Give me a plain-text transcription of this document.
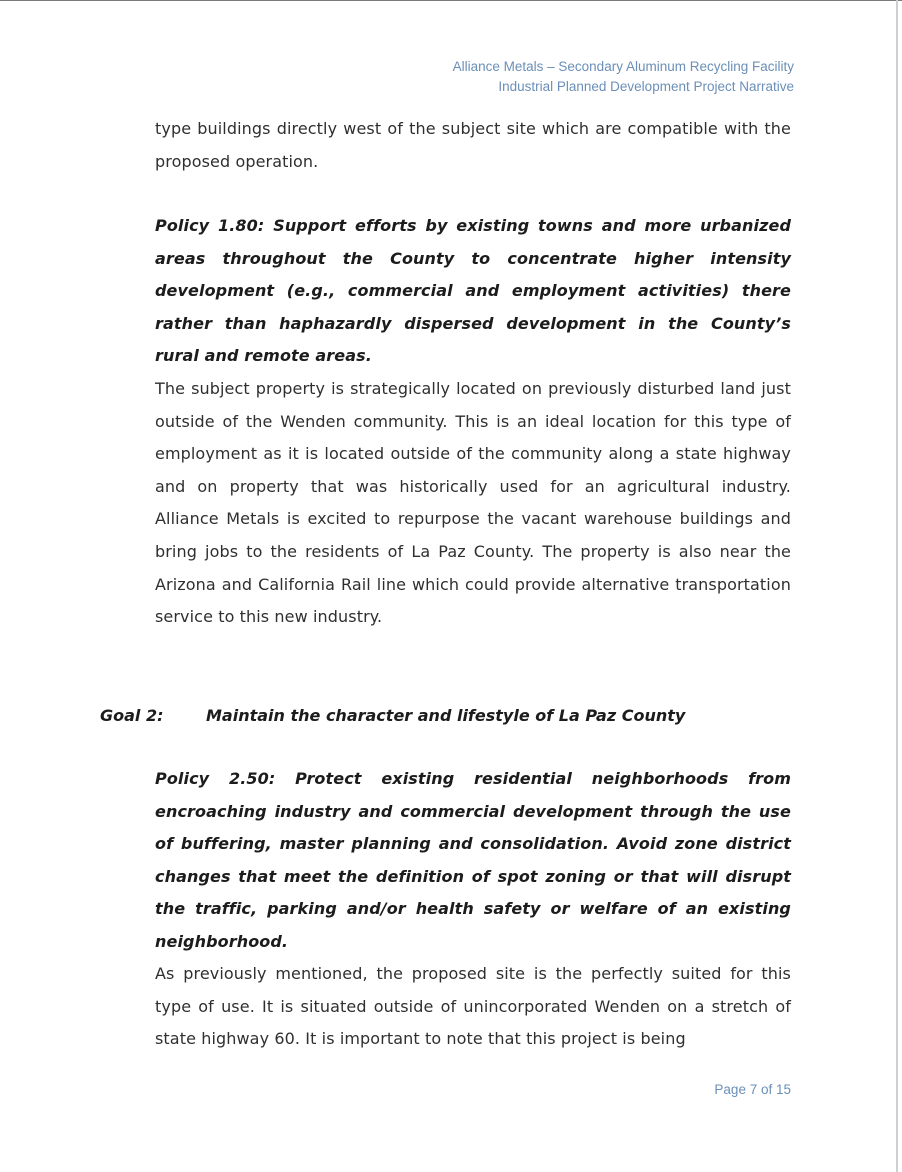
Alliance Metals – Secondary Aluminum Recycling Facility
Industrial Planned Development Project Narrative

type buildings directly west of the subject site which are compatible with the proposed operation.

Policy 1.80: Support efforts by existing towns and more urbanized areas throughout the County to concentrate higher intensity development (e.g., commercial and employment activities) there rather than haphazardly dispersed development in the County’s rural and remote areas.

The subject property is strategically located on previously disturbed land just outside of the Wenden community. This is an ideal location for this type of employment as it is located outside of the community along a state highway and on property that was historically used for an agricultural industry. Alliance Metals is excited to repurpose the vacant warehouse buildings and bring jobs to the residents of La Paz County. The property is also near the Arizona and California Rail line which could provide alternative transportation service to this new industry.

Goal 2:	Maintain the character and lifestyle of La Paz County

Policy 2.50: Protect existing residential neighborhoods from encroaching industry and commercial development through the use of buffering, master planning and consolidation. Avoid zone district changes that meet the definition of spot zoning or that will disrupt the traffic, parking and/or health safety or welfare of an existing neighborhood.

As previously mentioned, the proposed site is the perfectly suited for this type of use. It is situated outside of unincorporated Wenden on a stretch of state highway 60. It is important to note that this project is being

Page 7 of 15
